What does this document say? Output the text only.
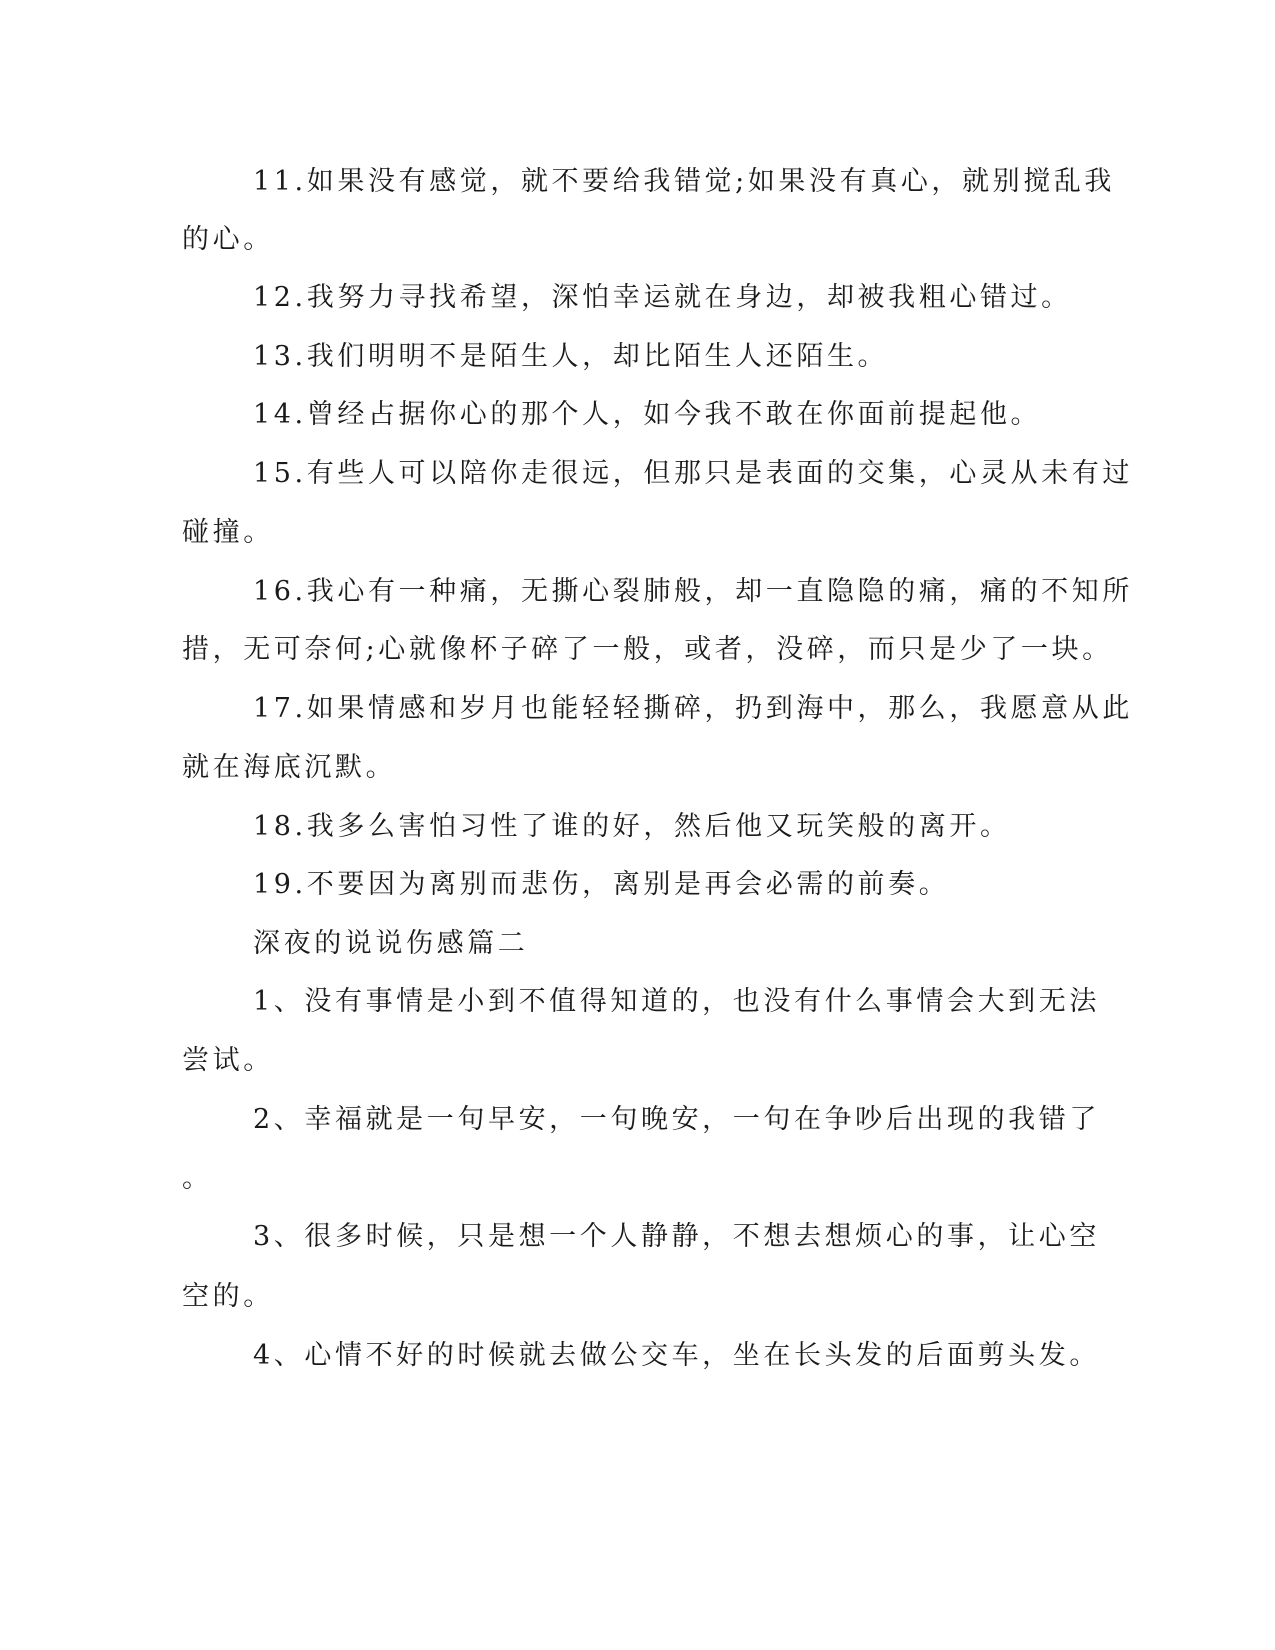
11.如果没有感觉，就不要给我错觉;如果没有真心，就别搅乱我
的心。
12.我努力寻找希望，深怕幸运就在身边，却被我粗心错过。
13.我们明明不是陌生人，却比陌生人还陌生。
14.曾经占据你心的那个人，如今我不敢在你面前提起他。
15.有些人可以陪你走很远，但那只是表面的交集，心灵从未有过
碰撞。
16.我心有一种痛，无撕心裂肺般，却一直隐隐的痛，痛的不知所
措，无可奈何;心就像杯子碎了一般，或者，没碎，而只是少了一块。
17.如果情感和岁月也能轻轻撕碎，扔到海中，那么，我愿意从此
就在海底沉默。
18.我多么害怕习性了谁的好，然后他又玩笑般的离开。
19.不要因为离别而悲伤，离别是再会必需的前奏。
深夜的说说伤感篇二
1、没有事情是小到不值得知道的，也没有什么事情会大到无法
尝试。
2、幸福就是一句早安，一句晚安，一句在争吵后出现的我错了
。
3、很多时候，只是想一个人静静，不想去想烦心的事，让心空
空的。
4、心情不好的时候就去做公交车，坐在长头发的后面剪头发。
